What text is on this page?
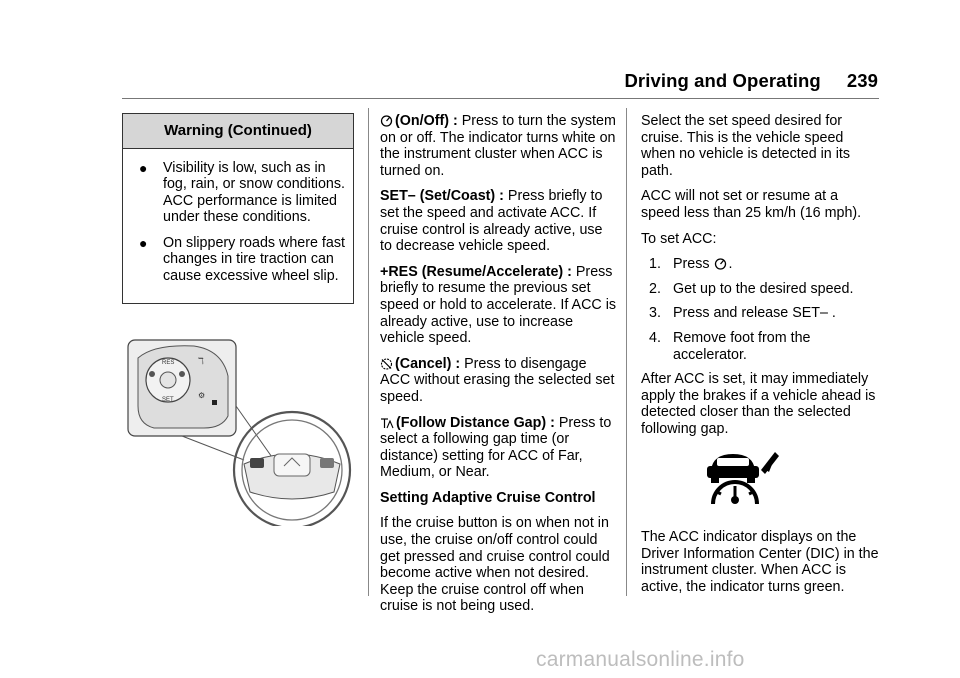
Driving and Operating 239
Warning (Continued)
● Visibility is low, such as in fog, rain, or snow conditions. ACC performance is limited under these conditions.
● On slippery roads where fast changes in tire traction can cause excessive wheel slip.
RES
SET
ℸ
⚙

(On/Off) : Press to turn the system on or off. The indicator turns white on the instrument cluster when ACC is turned on.

SET– (Set/Coast) : Press briefly to set the speed and activate ACC. If cruise control is already active, use to decrease vehicle speed.

+RES (Resume/Accelerate) : Press briefly to resume the previous set speed or hold to accelerate. If ACC is already active, use to increase vehicle speed.

(Cancel) : Press to disengage ACC without erasing the selected set speed.

(Follow Distance Gap) : Press to select a following gap time (or distance) setting for ACC of Far, Medium, or Near.

Setting Adaptive Cruise Control

If the cruise button is on when not in use, the cruise on/off control could get pressed and cruise control could become active when not desired. Keep the cruise control off when cruise is not being used.

Select the set speed desired for cruise. This is the vehicle speed when no vehicle is detected in its path.

ACC will not set or resume at a speed less than 25 km/h (16 mph).

To set ACC:

1. Press .
2. Get up to the desired speed.
3. Press and release SET– .
4. Remove foot from the accelerator.

After ACC is set, it may immediately apply the brakes if a vehicle ahead is detected closer than the selected following gap.

The ACC indicator displays on the Driver Information Center (DIC) in the instrument cluster. When ACC is active, the indicator turns green.

carmanualsonline.info
